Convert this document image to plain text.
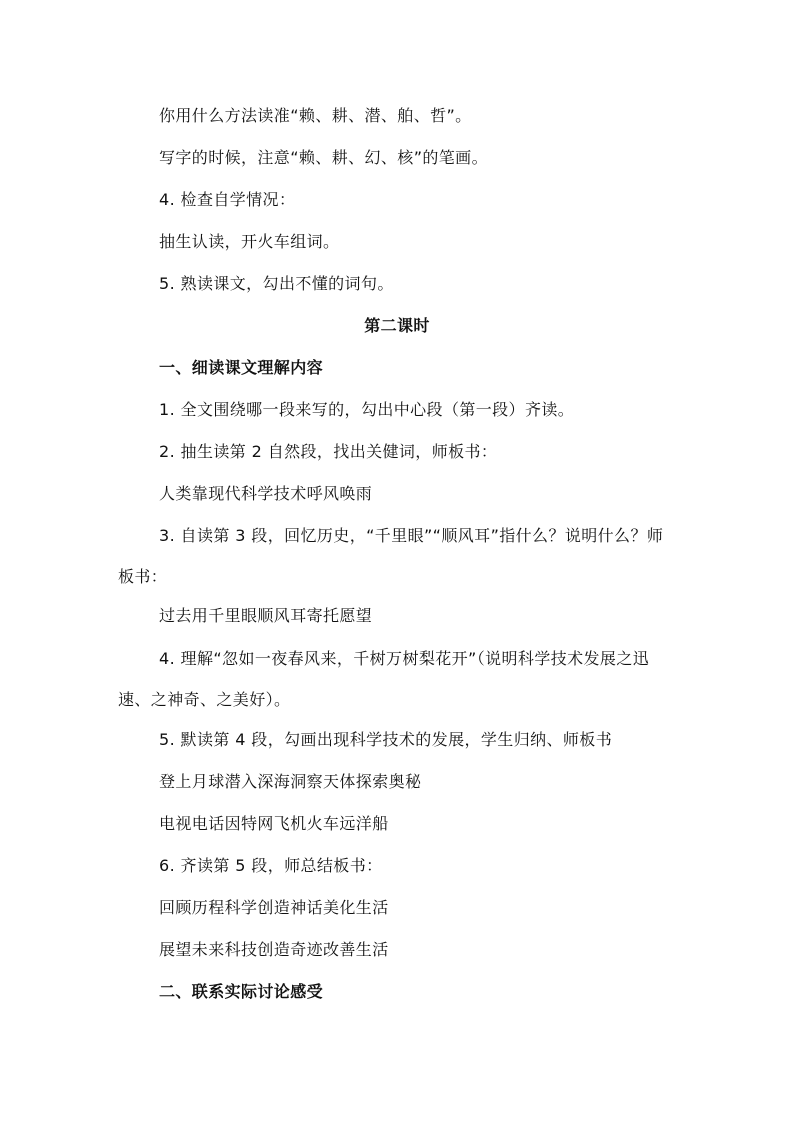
你用什么方法读准“赖、耕、潜、舶、哲”。
写字的时候，注意“赖、耕、幻、核”的笔画。
4. 检查自学情况：
抽生认读，开火车组词。
5. 熟读课文，勾出不懂的词句。
第二课时
一、细读课文理解内容
1. 全文围绕哪一段来写的，勾出中心段（第一段）齐读。
2. 抽生读第 2 自然段，找出关健词，师板书：
人类靠现代科学技术呼风唤雨
3. 自读第 3 段，回忆历史，“千里眼”“顺风耳”指什么？说明什么？师板书：
过去用千里眼顺风耳寄托愿望
4. 理解“忽如一夜春风来，千树万树梨花开”（说明科学技术发展之迅速、之神奇、之美好）。
5. 默读第 4 段，勾画出现科学技术的发展，学生归纳、师板书
登上月球潜入深海洞察天体探索奥秘
电视电话因特网飞机火车远洋船
6. 齐读第 5 段，师总结板书：
回顾历程科学创造神话美化生活
展望未来科技创造奇迹改善生活
二、联系实际讨论感受
